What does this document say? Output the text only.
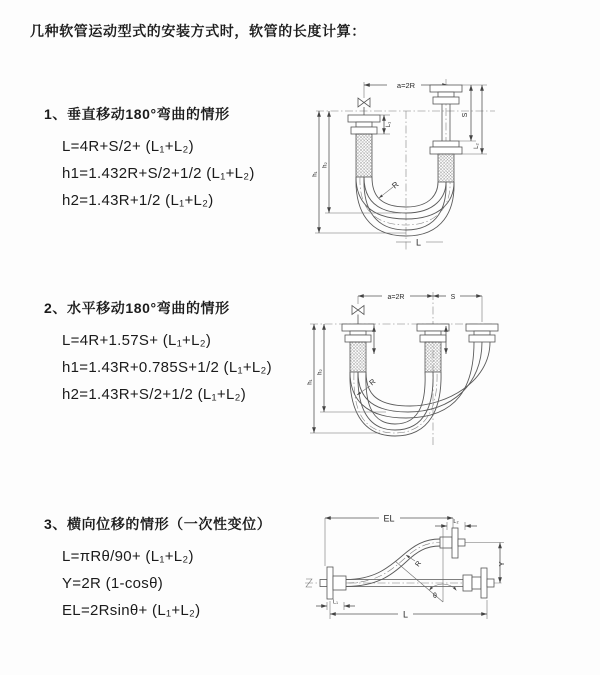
几种软管运动型式的安装方式时，软管的长度计算：
1、垂直移动180°弯曲的情形
L=4R+S/2+ (L₁+L₂)
h1=1.432R+S/2+1/2 (L₁+L₂)
h2=1.43R+1/2 (L₁+L₂)
2、水平移动180°弯曲的情形
L=4R+1.57S+ (L₁+L₂)
h1=1.43R+0.785S+1/2 (L₁+L₂)
h2=1.43R+S/2+1/2 (L₁+L₂)
3、横向位移的情形（一次性变位）
L=πRθ/90+ (L₁+L₂)
Y=2R (1-cosθ)
EL=2Rsinθ+ (L₁+L₂)
a=2R
L₁
S
L₂
R
h₁
h₂
L
a=2R	S
R
h₁
h₂
EL	L₂
θ
R	Y
L
L₁
